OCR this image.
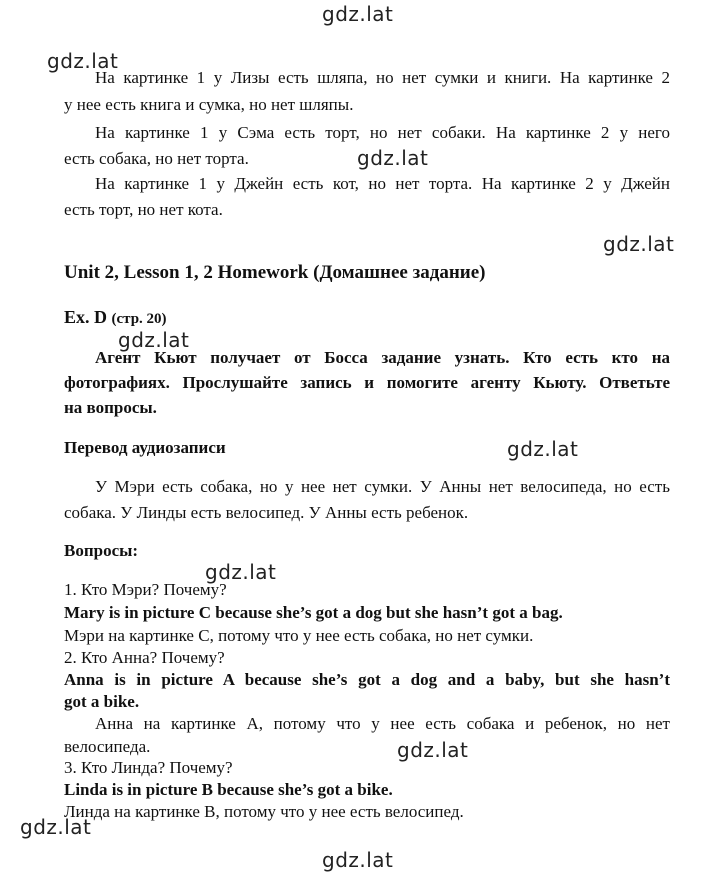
gdz.lat
gdz.lat
gdz.lat
gdz.lat
gdz.lat
gdz.lat
gdz.lat
gdz.lat
gdz.lat
gdz.lat
На картинке 1 у Лизы есть шляпа, но нет сумки и книги. На картинке 2
у нее есть книга и сумка, но нет шляпы.
На картинке 1 у Сэма есть торт, но нет собаки. На картинке 2 у него
есть собака, но нет торта.
На картинке 1 у Джейн есть кот, но нет торта. На картинке 2 у Джейн
есть торт, но нет кота.
Unit 2, Lesson 1, 2 Homework (Домашнее задание)
Ex. D (стр. 20)
Агент Кьют получает от Босса задание узнать. Кто есть кто на
фотографиях. Прослушайте запись и помогите агенту Кьюту. Ответьте
на вопросы.
Перевод аудиозаписи
У Мэри есть собака, но у нее нет сумки. У Анны нет велосипеда, но есть
собака. У Линды есть велосипед. У Анны есть ребенок.
Вопросы:
1. Кто Мэри? Почему?
Mary is in picture C because she’s got a dog but she hasn’t got a bag.
Мэри на картинке С, потому что у нее есть собака, но нет сумки.
2. Кто Анна? Почему?
Anna is in picture A because she’s got a dog and a baby, but she hasn’t
got a bike.
Анна на картинке А, потому что у нее есть собака и ребенок, но нет
велосипеда.
3. Кто Линда? Почему?
Linda is in picture B because she’s got a bike.
Линда на картинке В, потому что у нее есть велосипед.
